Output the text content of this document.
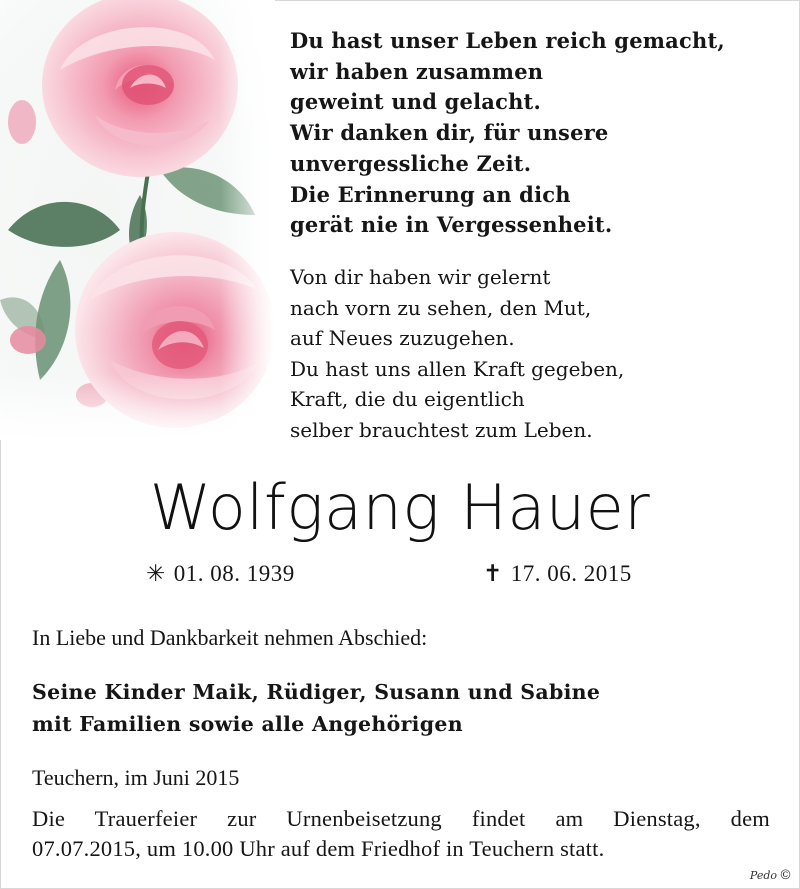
Du hast unser Leben reich gemacht,
wir haben zusammen
geweint und gelacht.
Wir danken dir, für unsere
unvergessliche Zeit.
Die Erinnerung an dich
gerät nie in Vergessenheit.
Von dir haben wir gelernt
nach vorn zu sehen, den Mut,
auf Neues zuzugehen.
Du hast uns allen Kraft gegeben,
Kraft, die du eigentlich
selber brauchtest zum Leben.
Wolfgang Hauer
✳ 01. 08. 1939	✝ 17. 06. 2015
In Liebe und Dankbarkeit nehmen Abschied:
Seine Kinder Maik, Rüdiger, Susann und Sabine
mit Familien sowie alle Angehörigen
Teuchern, im Juni 2015
Die Trauerfeier zur Urnenbeisetzung findet am Dienstag, dem
07.07.2015, um 10.00 Uhr auf dem Friedhof in Teuchern statt.
Pedo ©
